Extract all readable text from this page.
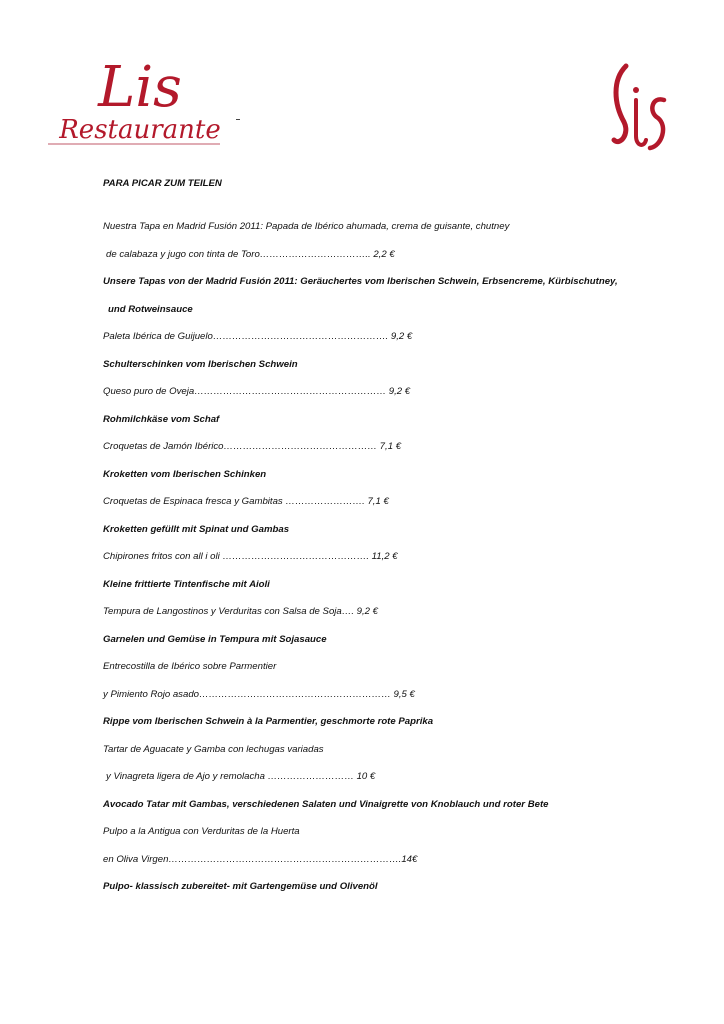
Lis
Restaurante
PARA PICAR ZUM TEILEN
Nuestra Tapa en Madrid Fusión 2011: Papada de Ibérico ahumada, crema de guisante, chutney
de calabaza y jugo con tinta de Toro…………………………….. 2,2 €
Unsere Tapas von der Madrid Fusión 2011: Geräuchertes vom Iberischen Schwein, Erbsencreme, Kürbischutney,
und Rotweinsauce
Paleta Ibérica de Guijuelo………………………………………………. 9,2 €
Schulterschinken vom Iberischen Schwein
Queso puro de Oveja…………………………………………………… 9,2 €
Rohmilchkäse vom Schaf
Croquetas de Jamón Ibérico………………………………………… 7,1 €
Kroketten vom Iberischen Schinken
Croquetas de Espinaca fresca y Gambitas ……………………. 7,1 €
Kroketten gefüllt mit Spinat und Gambas
Chipirones fritos con all i oli ………………………………………. 11,2 €
Kleine frittierte Tintenfische mit Aioli
Tempura de Langostinos y Verduritas con Salsa de Soja…. 9,2 €
Garnelen und Gemüse in Tempura mit Sojasauce
Entrecostilla de Ibérico sobre Parmentier
y Pimiento Rojo asado…………………………………………………… 9,5 €
Rippe vom Iberischen Schwein à la Parmentier, geschmorte rote Paprika
Tartar de Aguacate y Gamba con lechugas variadas
y Vinagreta ligera de Ajo y remolacha ……………………… 10 €
Avocado Tatar mit Gambas, verschiedenen Salaten und Vinaigrette von Knoblauch und roter Bete
Pulpo a la Antigua con Verduritas de la Huerta
en Oliva Virgen……………………………………………………………….14€
Pulpo- klassisch zubereitet- mit Gartengemüse und Olivenöl
